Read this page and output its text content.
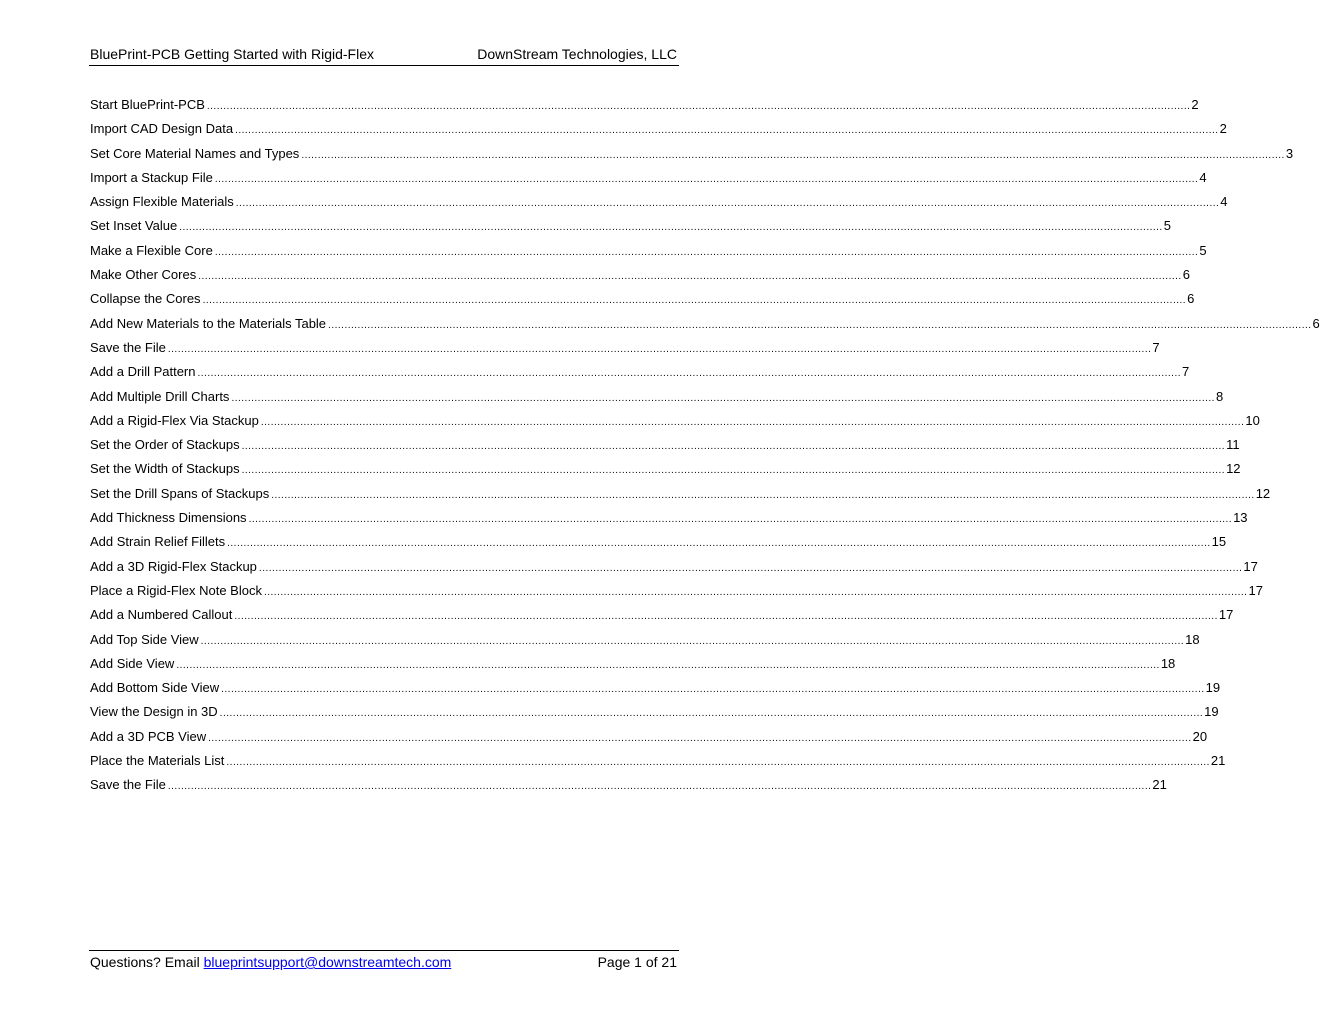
BluePrint-PCB Getting Started with Rigid-Flex	DownStream Technologies, LLC
Start BluePrint-PCB ............................................................................................................................................................................................................................................................................................................ 2
Import CAD Design Data ............................................................................................................................................................................................................................................................................................................ 2
Set Core Material Names and Types ............................................................................................................................................................................................................................................................................................................ 3
Import a Stackup File ............................................................................................................................................................................................................................................................................................................ 4
Assign Flexible Materials ............................................................................................................................................................................................................................................................................................................ 4
Set Inset Value ............................................................................................................................................................................................................................................................................................................ 5
Make a Flexible Core ............................................................................................................................................................................................................................................................................................................ 5
Make Other Cores ............................................................................................................................................................................................................................................................................................................ 6
Collapse the Cores ............................................................................................................................................................................................................................................................................................................ 6
Add New Materials to the Materials Table ............................................................................................................................................................................................................................................................................................................ 6
Save the File ............................................................................................................................................................................................................................................................................................................ 7
Add a Drill Pattern ............................................................................................................................................................................................................................................................................................................ 7
Add Multiple Drill Charts ............................................................................................................................................................................................................................................................................................................ 8
Add a Rigid-Flex Via Stackup ............................................................................................................................................................................................................................................................................................................ 10
Set the Order of Stackups ............................................................................................................................................................................................................................................................................................................ 11
Set the Width of Stackups ............................................................................................................................................................................................................................................................................................................ 12
Set the Drill Spans of Stackups ............................................................................................................................................................................................................................................................................................................ 12
Add Thickness Dimensions ............................................................................................................................................................................................................................................................................................................ 13
Add Strain Relief Fillets ............................................................................................................................................................................................................................................................................................................ 15
Add a 3D Rigid-Flex Stackup ............................................................................................................................................................................................................................................................................................................ 17
Place a Rigid-Flex Note Block ............................................................................................................................................................................................................................................................................................................ 17
Add a Numbered Callout ............................................................................................................................................................................................................................................................................................................ 17
Add Top Side View ............................................................................................................................................................................................................................................................................................................ 18
Add Side View ............................................................................................................................................................................................................................................................................................................ 18
Add Bottom Side View ............................................................................................................................................................................................................................................................................................................ 19
View the Design in 3D ............................................................................................................................................................................................................................................................................................................ 19
Add a 3D PCB View ............................................................................................................................................................................................................................................................................................................ 20
Place the Materials List ............................................................................................................................................................................................................................................................................................................ 21
Save the File ............................................................................................................................................................................................................................................................................................................ 21
Questions? Email blueprintsupport@downstreamtech.com	Page 1 of 21
